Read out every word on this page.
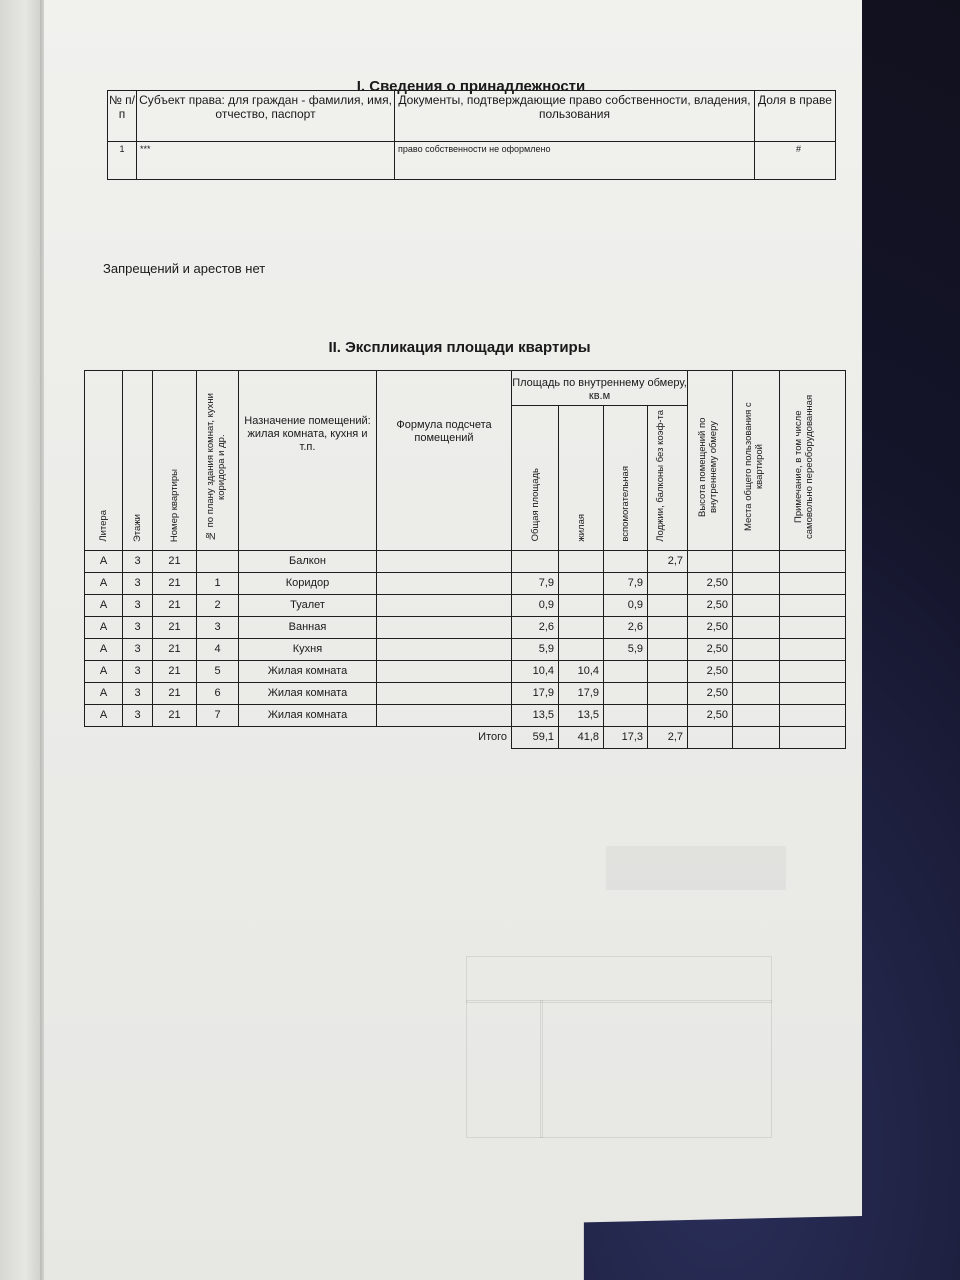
I. Сведения о принадлежности
№ п/п	Субъект права: для граждан - фамилия, имя, отчество, паспорт	Документы, подтверждающие право собственности, владения, пользования	Доля в праве
1	***	право собственности не оформлено	#
Запрещений и арестов нет
II. Экспликация площади квартиры
Литера	Этажи	Номер квартиры	№ по плану здания комнат, кухни коридора и др.	Назначение помещений: жилая комната, кухня и т.п.	Формула подсчета помещений	Площадь по внутреннему обмеру, кв.м				Высота помещений по внутреннему обмеру	Места общего пользования с квартирой	Примечание, в том числе самовольно переоборудованная
						Общая площадь	жилая	вспомогательная	Лоджии, балконы без коэф-та			
А	3	21		Балкон					2,7			
А	3	21	1	Коридор		7,9		7,9		2,50		
А	3	21	2	Туалет		0,9		0,9		2,50		
А	3	21	3	Ванная		2,6		2,6		2,50		
А	3	21	4	Кухня		5,9		5,9		2,50		
А	3	21	5	Жилая комната		10,4	10,4			2,50		
А	3	21	6	Жилая комната		17,9	17,9			2,50		
А	3	21	7	Жилая комната		13,5	13,5			2,50		
Итого						59,1	41,8	17,3	2,7			
